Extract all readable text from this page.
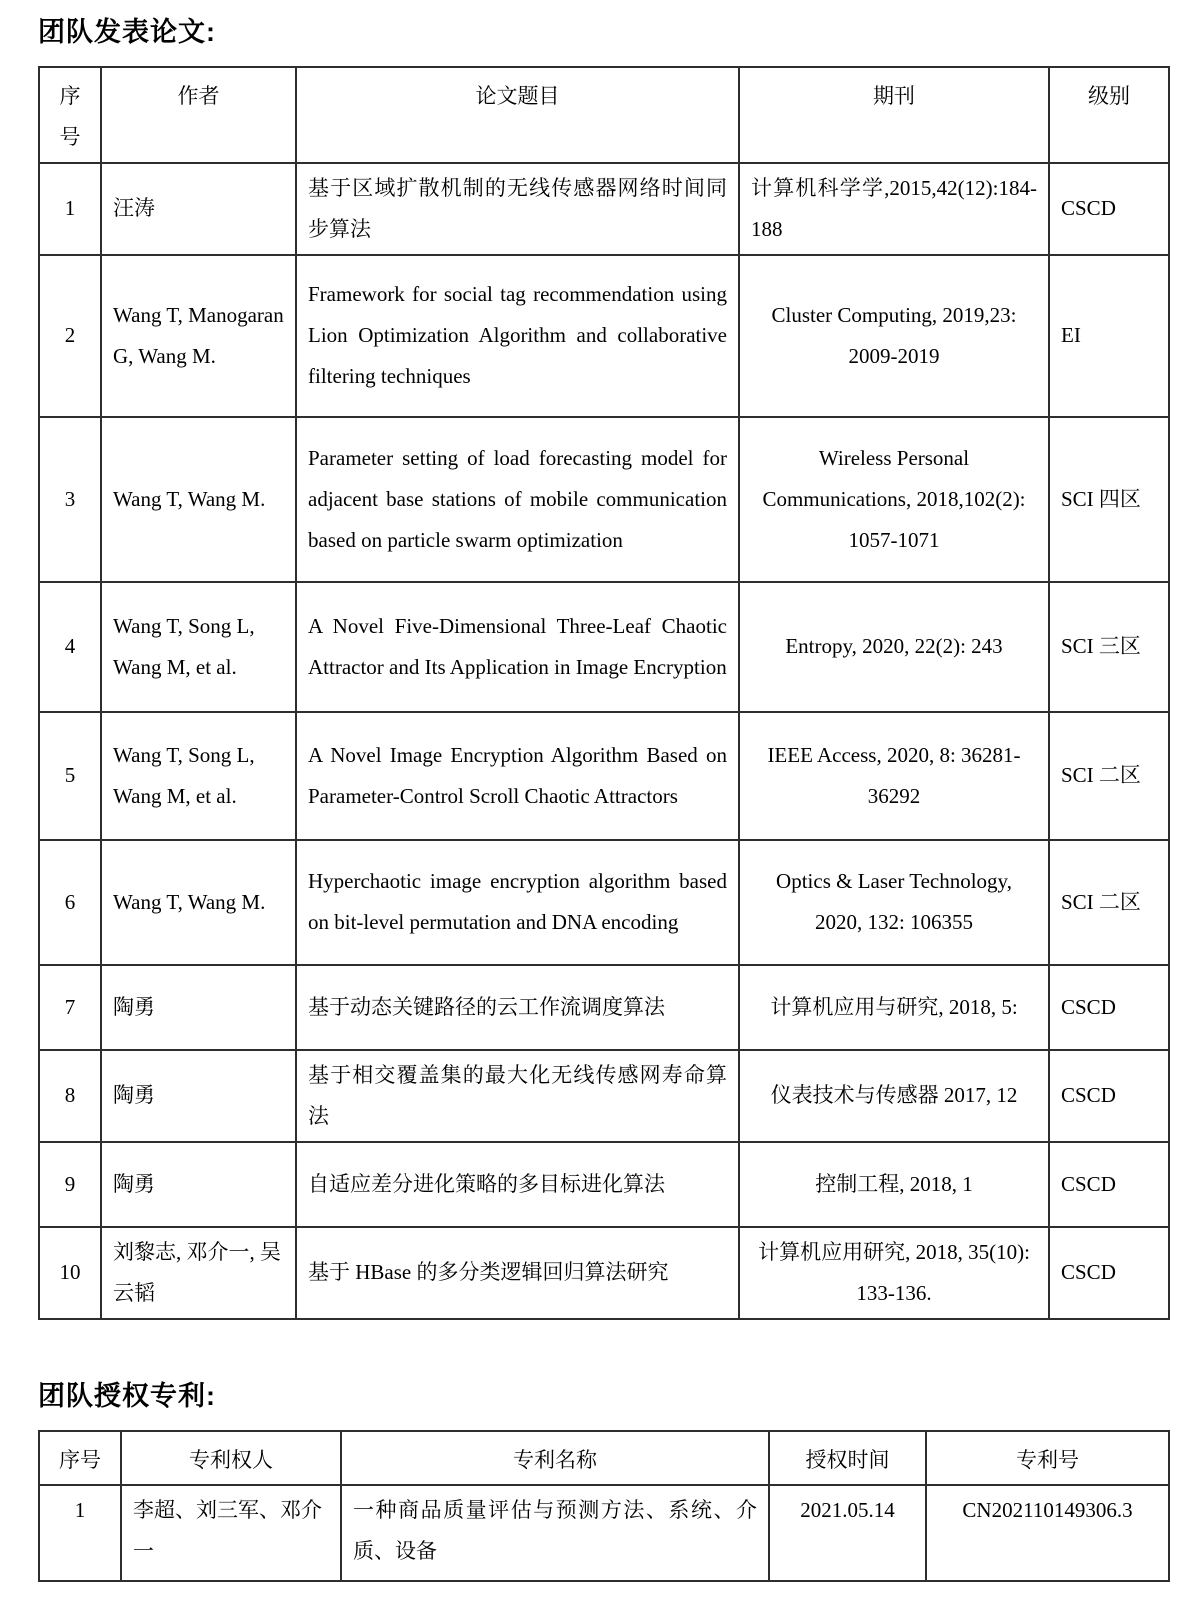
团队发表论文:
序号	作者	论文题目	期刊	级别
1	汪涛	基于区域扩散机制的无线传感器网络时间同步算法	计算机科学学,2015,42(12):184-188	CSCD
2	Wang T, Manogaran G, Wang M.	Framework for social tag recommendation using Lion Optimization Algorithm and collaborative filtering techniques	Cluster Computing, 2019,23: 2009-2019	EI
3	Wang T, Wang M.	Parameter setting of load forecasting model for adjacent base stations of mobile communication based on particle swarm optimization	Wireless Personal Communications, 2018,102(2): 1057-1071	SCI 四区
4	Wang T, Song L, Wang M, et al.	A Novel Five-Dimensional Three-Leaf Chaotic Attractor and Its Application in Image Encryption	Entropy, 2020, 22(2): 243	SCI 三区
5	Wang T, Song L, Wang M, et al.	A Novel Image Encryption Algorithm Based on Parameter-Control Scroll Chaotic Attractors	IEEE Access, 2020, 8: 36281-36292	SCI 二区
6	Wang T, Wang M.	Hyperchaotic image encryption algorithm based on bit-level permutation and DNA encoding	Optics & Laser Technology, 2020, 132: 106355	SCI 二区
7	陶勇	基于动态关键路径的云工作流调度算法	计算机应用与研究, 2018, 5:	CSCD
8	陶勇	基于相交覆盖集的最大化无线传感网寿命算法	仪表技术与传感器 2017, 12	CSCD
9	陶勇	自适应差分进化策略的多目标进化算法	控制工程, 2018, 1	CSCD
10	刘黎志, 邓介一, 吴云韬	基于 HBase 的多分类逻辑回归算法研究	计算机应用研究, 2018, 35(10): 133-136.	CSCD
团队授权专利:
序号	专利权人	专利名称	授权时间	专利号
1	李超、刘三军、邓介一	一种商品质量评估与预测方法、系统、介质、设备	2021.05.14	CN202110149306.3
